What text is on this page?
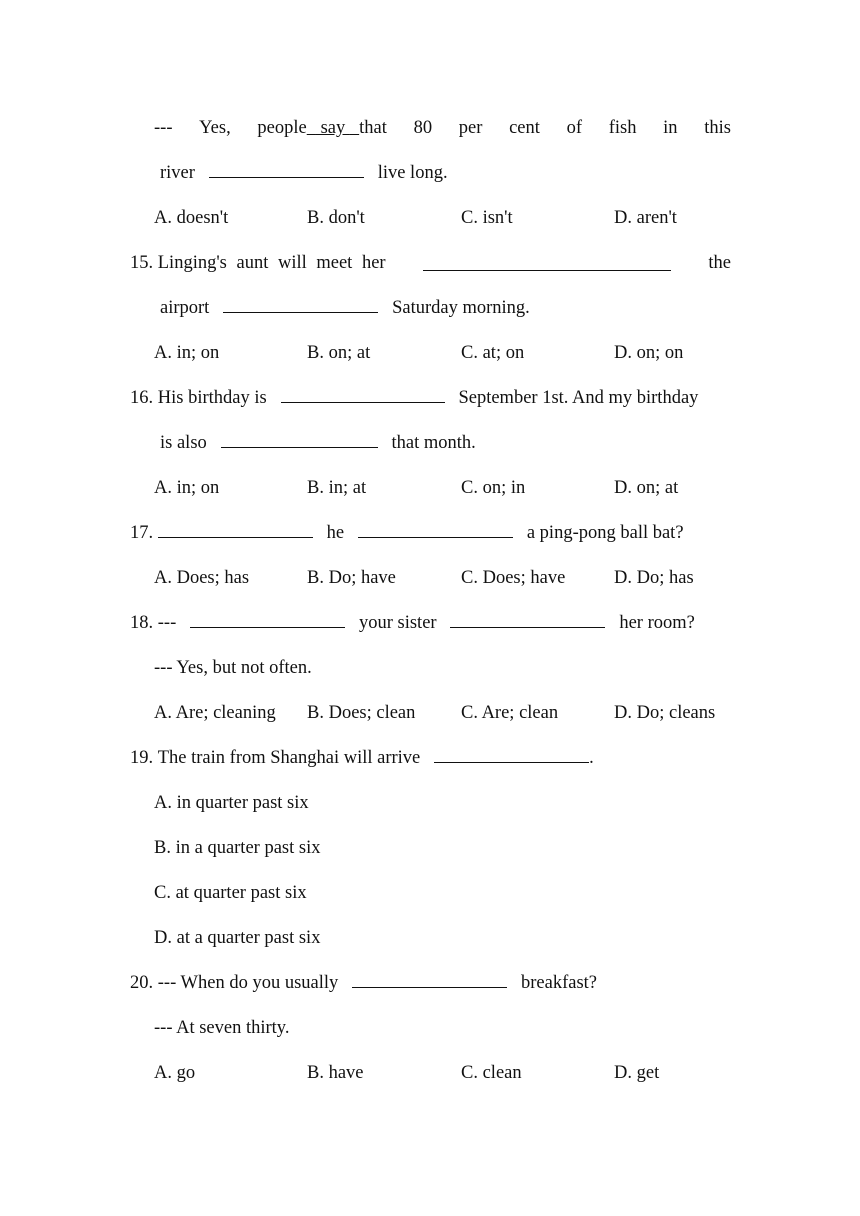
--- Yes, people   say   that 80 per cent of fish in this
river	live long.
A. doesn't	B. don't	C. isn't	D. aren't
15. Linging's aunt will meet her	the
airport	Saturday morning.
A. in; on	B. on; at	C. at; on	D. on; on
16. His birthday is	September 1st. And my birthday
is also	that month.
A. in; on	B. in; at	C. on; in	D. on; at
17.	he	a ping-pong ball bat?
A. Does; has	B. Do; have	C. Does; have	D. Do; has
18. ---	your sister	her room?
--- Yes, but not often.
A. Are; cleaning B. Does; clean C. Are; clean	D. Do; cleans
19. The train from Shanghai will arrive	.
A. in quarter past six
B. in a quarter past six
C. at quarter past six
D. at a quarter past six
20. --- When do you usually	breakfast?
--- At seven thirty.
A. go	B. have	C. clean	D. get
